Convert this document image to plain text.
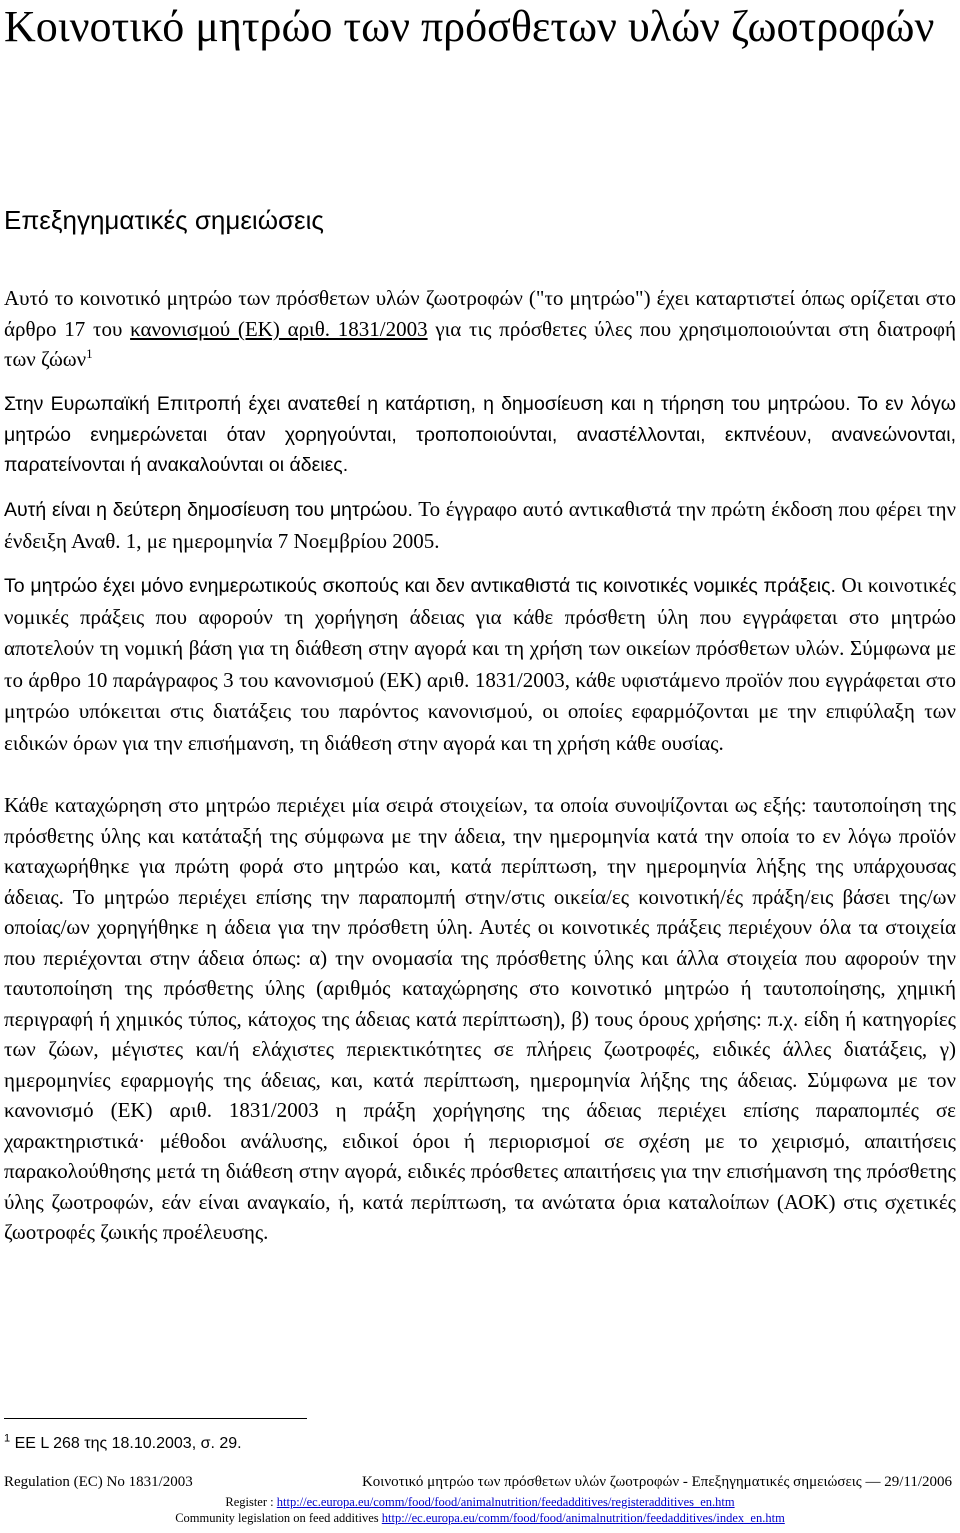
Κοινοτικό μητρώο των πρόσθετων υλών ζωοτροφών
Επεξηγηματικές σημειώσεις

Αυτό το κοινοτικό μητρώο των πρόσθετων υλών ζωοτροφών ("το μητρώο") έχει καταρτιστεί όπως ορίζεται στο άρθρο 17 του κανονισμού (ΕΚ) αριθ. 1831/2003 για τις πρόσθετες ύλες που χρησιμοποιούνται στη διατροφή των ζώων$^1$

Στην Ευρωπαϊκή Επιτροπή έχει ανατεθεί η κατάρτιση, η δημοσίευση και η τήρηση του μητρώου. Το εν λόγω μητρώο ενημερώνεται όταν χορηγούνται, τροποποιούνται, αναστέλλονται, εκπνέουν, ανανεώνονται, παρατείνονται ή ανακαλούνται οι άδειες.

Αυτή είναι η δεύτερη δημοσίευση του μητρώου. Το έγγραφο αυτό αντικαθιστά την πρώτη έκδοση που φέρει την ένδειξη Αναθ. 1, με ημερομηνία 7 Νοεμβρίου 2005.

Το μητρώο έχει μόνο ενημερωτικούς σκοπούς και δεν αντικαθιστά τις κοινοτικές νομικές πράξεις. Οι κοινοτικές νομικές πράξεις που αφορούν τη χορήγηση άδειας για κάθε πρόσθετη ύλη που εγγράφεται στο μητρώο αποτελούν τη νομική βάση για τη διάθεση στην αγορά και τη χρήση των οικείων πρόσθετων υλών. Σύμφωνα με το άρθρο 10 παράγραφος 3 του κανονισμού (ΕΚ) αριθ. 1831/2003, κάθε υφιστάμενο προϊόν που εγγράφεται στο μητρώο υπόκειται στις διατάξεις του παρόντος κανονισμού, οι οποίες εφαρμόζονται με την επιφύλαξη των ειδικών όρων για την επισήμανση, τη διάθεση στην αγορά και τη χρήση κάθε ουσίας.

Κάθε καταχώρηση στο μητρώο περιέχει μία σειρά στοιχείων, τα οποία συνοψίζονται ως εξής: ταυτοποίηση της πρόσθετης ύλης και κατάταξή της σύμφωνα με την άδεια, την ημερομηνία κατά την οποία το εν λόγω προϊόν καταχωρήθηκε για πρώτη φορά στο μητρώο και, κατά περίπτωση, την ημερομηνία λήξης της υπάρχουσας άδειας. Το μητρώο περιέχει επίσης την παραπομπή στην/στις οικεία/ες κοινοτική/ές πράξη/εις βάσει της/ων οποίας/ων χορηγήθηκε η άδεια για την πρόσθετη ύλη. Αυτές οι κοινοτικές πράξεις περιέχουν όλα τα στοιχεία που περιέχονται στην άδεια όπως: α) την ονομασία της πρόσθετης ύλης και άλλα στοιχεία που αφορούν την ταυτοποίηση της πρόσθετης ύλης (αριθμός καταχώρησης στο κοινοτικό μητρώο ή ταυτοποίησης, χημική περιγραφή ή χημικός τύπος, κάτοχος της άδειας κατά περίπτωση), β) τους όρους χρήσης: π.χ. είδη ή κατηγορίες των ζώων, μέγιστες και/ή ελάχιστες περιεκτικότητες σε πλήρεις ζωοτροφές, ειδικές άλλες διατάξεις, γ) ημερομηνίες εφαρμογής της άδειας, και, κατά περίπτωση, ημερομηνία λήξης της άδειας. Σύμφωνα με τον κανονισμό (ΕΚ) αριθ. 1831/2003 η πράξη χορήγησης της άδειας περιέχει επίσης παραπομπές σε χαρακτηριστικά· μέθοδοι ανάλυσης, ειδικοί όροι ή περιορισμοί σε σχέση με το χειρισμό, απαιτήσεις παρακολούθησης μετά τη διάθεση στην αγορά, ειδικές πρόσθετες απαιτήσεις για την επισήμανση της πρόσθετης ύλης ζωοτροφών, εάν είναι αναγκαίο, ή, κατά περίπτωση, τα ανώτατα όρια καταλοίπων (ΑΟΚ) στις σχετικές ζωοτροφές ζωικής προέλευσης.

$^1$ ΕΕ L 268 της 18.10.2003, σ. 29.
Regulation (EC) No 1831/2003	Κοινοτικό μητρώο των πρόσθετων υλών ζωοτροφών - Επεξηγηματικές σημειώσεις — 29/11/2006
Register : http://ec.europa.eu/comm/food/food/animalnutrition/feedadditives/registeradditives_en.htm
Community legislation on feed additives http://ec.europa.eu/comm/food/food/animalnutrition/feedadditives/index_en.htm
